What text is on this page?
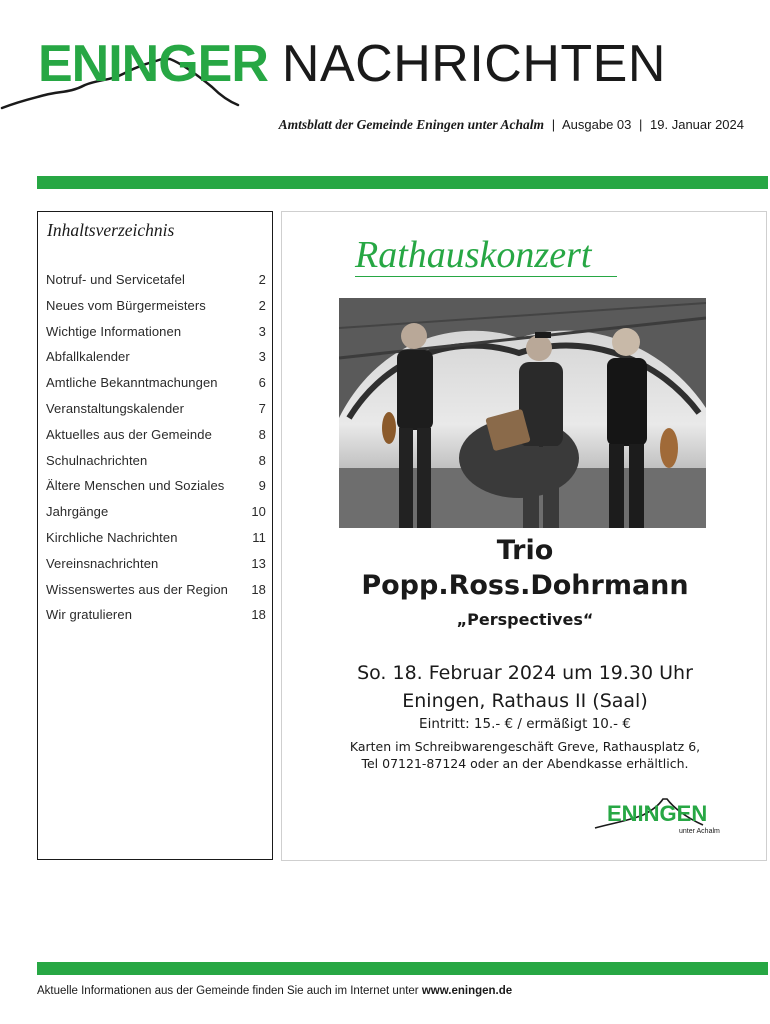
ENINGER NACHRICHTEN
Amtsblatt der Gemeinde Eningen unter Achalm | Ausgabe 03 | 19. Januar 2024
Inhaltsverzeichnis
Notruf- und Servicetafel	2
Neues vom Bürgermeisters	2
Wichtige Informationen	3
Abfallkalender	3
Amtliche Bekanntmachungen	6
Veranstaltungskalender	7
Aktuelles aus der Gemeinde	8
Schulnachrichten	8
Ältere Menschen und Soziales	9
Jahrgänge	10
Kirchliche Nachrichten	11
Vereinsnachrichten	13
Wissenswertes aus der Region 18
Wir gratulieren	18
Rathauskonzert
Trio
Popp.Ross.Dohrmann
„Perspectives“
So. 18. Februar 2024 um 19.30 Uhr
Eningen, Rathaus II (Saal)
Eintritt: 15.- € / ermäßigt 10.- €
Karten im Schreibwarengeschäft Greve, Rathausplatz 6,
Tel 07121-87124 oder an der Abendkasse erhältlich.
ENINGEN
unter Achalm
Aktuelle Informationen aus der Gemeinde finden Sie auch im Internet unter www.eningen.de
